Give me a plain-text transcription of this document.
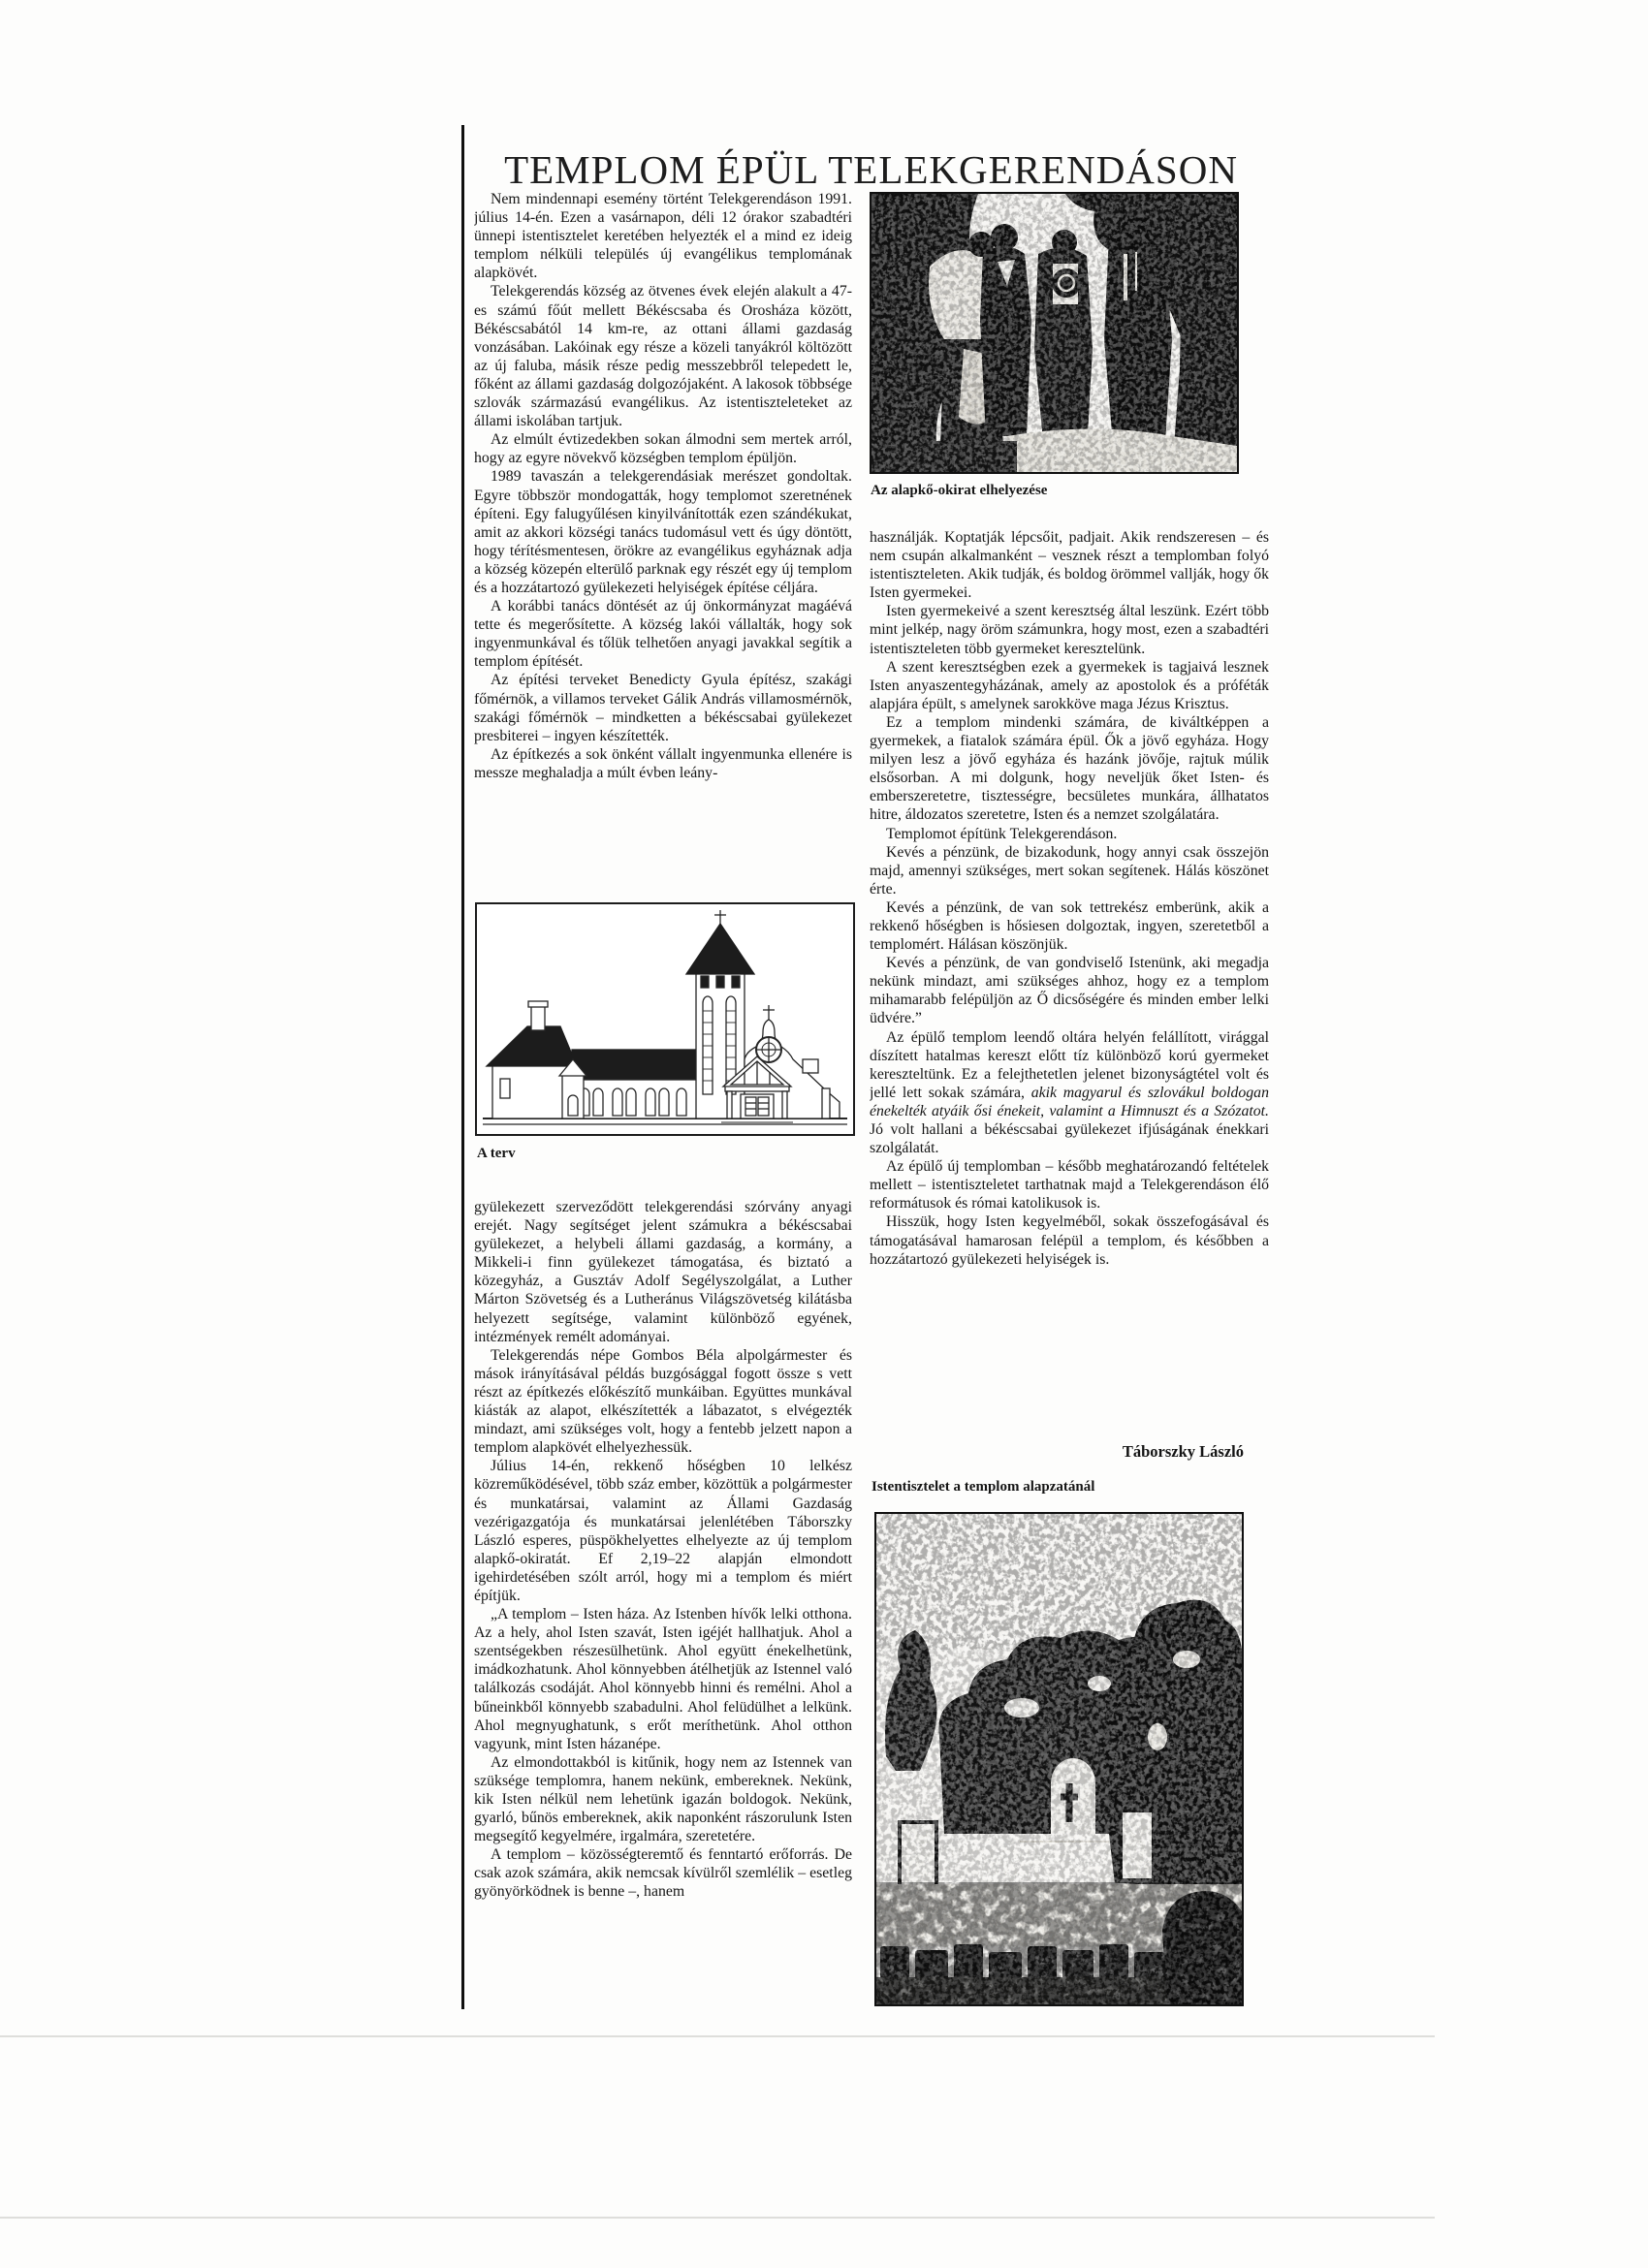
TEMPLOM ÉPÜL TELEKGERENDÁSON

Nem mindennapi esemény történt Telekgerendáson 1991. július 14-én. Ezen a vasárnapon, déli 12 órakor szabadtéri ünnepi istentisztelet keretében helyezték el a mind ez ideig templom nélküli település új evangélikus templomának alapkövét.

Telekgerendás község az ötvenes évek elején alakult a 47-es számú főút mellett Békéscsaba és Orosháza között, Békéscsabától 14 km-re, az ottani állami gazdaság vonzásában. Lakóinak egy része a közeli tanyákról költözött az új faluba, másik része pedig messzebbről telepedett le, főként az állami gazdaság dolgozójaként. A lakosok többsége szlovák származású evangélikus. Az istentiszteleteket az állami iskolában tartjuk.

Az elmúlt évtizedekben sokan álmodni sem mertek arról, hogy az egyre növekvő községben templom épüljön.

1989 tavaszán a telekgerendásiak merészet gondoltak. Egyre többször mondogatták, hogy templomot szeretnének építeni. Egy falugyűlésen kinyilvánították ezen szándékukat, amit az akkori községi tanács tudomásul vett és úgy döntött, hogy térítésmentesen, örökre az evangélikus egyháznak adja a község közepén elterülő parknak egy részét egy új templom és a hozzátartozó gyülekezeti helyiségek építése céljára.

A korábbi tanács döntését az új önkormányzat magáévá tette és megerősítette. A község lakói vállalták, hogy sok ingyenmunkával és tőlük telhetően anyagi javakkal segítik a templom építését.

Az építési terveket Benedicty Gyula építész, szakági főmérnök, a villamos terveket Gálik András villamosmérnök, szakági főmérnök – mindketten a békéscsabai gyülekezet presbiterei – ingyen készítették.

Az építkezés a sok önként vállalt ingyenmunka ellenére is messze meghaladja a múlt évben leány-

A terv

gyülekezett szerveződött telekgerendási szórvány anyagi erejét. Nagy segítséget jelent számukra a békéscsabai gyülekezet, a helybeli állami gazdaság, a kormány, a Mikkeli-i finn gyülekezet támogatása, és biztató a közegyház, a Gusztáv Adolf Segélyszolgálat, a Luther Márton Szövetség és a Lutheránus Világszövetség kilátásba helyezett segítsége, valamint különböző egyének, intézmények remélt adományai.

Telekgerendás népe Gombos Béla alpolgármester és mások irányításával példás buzgósággal fogott össze s vett részt az építkezés előkészítő munkáiban. Együttes munkával kiásták az alapot, elkészítették a lábazatot, s elvégezték mindazt, ami szükséges volt, hogy a fentebb jelzett napon a templom alapkövét elhelyezhessük.

Július 14-én, rekkenő hőségben 10 lelkész közreműködésével, több száz ember, közöttük a polgármester és munkatársai, valamint az Állami Gazdaság vezérigazgatója és munkatársai jelenlétében Táborszky László esperes, püspökhelyettes elhelyezte az új templom alapkő-okiratát. Ef 2,19–22 alapján elmondott igehirdetésében szólt arról, hogy mi a templom és miért építjük.

„A templom – Isten háza. Az Istenben hívők lelki otthona. Az a hely, ahol Isten szavát, Isten igéjét hallhatjuk. Ahol a szentségekben részesülhetünk. Ahol együtt énekelhetünk, imádkozhatunk. Ahol könnyebben átélhetjük az Istennel való találkozás csodáját. Ahol könnyebb hinni és remélni. Ahol a bűneinkből könnyebb szabadulni. Ahol felüdülhet a lelkünk. Ahol megnyughatunk, s erőt meríthetünk. Ahol otthon vagyunk, mint Isten házanépe.

Az elmondottakból is kitűnik, hogy nem az Istennek van szüksége templomra, hanem nekünk, embereknek. Nekünk, kik Isten nélkül nem lehetünk igazán boldogok. Nekünk, gyarló, bűnös embereknek, akik naponként rászorulunk Isten megsegítő kegyelmére, irgalmára, szeretetére.

A templom – közösségteremtő és fenntartó erőforrás. De csak azok számára, akik nemcsak kívülről szemlélik – esetleg gyönyörködnek is benne –, hanem

Az alapkő-okirat elhelyezése

használják. Koptatják lépcsőit, padjait. Akik rendszeresen – és nem csupán alkalmanként – vesznek részt a templomban folyó istentiszteleten. Akik tudják, és boldog örömmel vallják, hogy ők Isten gyermekei.

Isten gyermekeivé a szent keresztség által leszünk. Ezért több mint jelkép, nagy öröm számunkra, hogy most, ezen a szabadtéri istentiszteleten több gyermeket keresztelünk.

A szent keresztségben ezek a gyermekek is tagjaivá lesznek Isten anyaszentegyházának, amely az apostolok és a próféták alapjára épült, s amelynek sarokköve maga Jézus Krisztus.

Ez a templom mindenki számára, de kiváltképpen a gyermekek, a fiatalok számára épül. Ők a jövő egyháza. Hogy milyen lesz a jövő egyháza és hazánk jövője, rajtuk múlik elsősorban. A mi dolgunk, hogy neveljük őket Isten- és emberszeretetre, tisztességre, becsületes munkára, állhatatos hitre, áldozatos szeretetre, Isten és a nemzet szolgálatára.

Templomot építünk Telekgerendáson.

Kevés a pénzünk, de bizakodunk, hogy annyi csak összejön majd, amennyi szükséges, mert sokan segítenek. Hálás köszönet érte.

Kevés a pénzünk, de van sok tettrekész emberünk, akik a rekkenő hőségben is hősiesen dolgoztak, ingyen, szeretetből a templomért. Hálásan köszönjük.

Kevés a pénzünk, de van gondviselő Istenünk, aki megadja nekünk mindazt, ami szükséges ahhoz, hogy ez a templom mihamarabb felépüljön az Ő dicsőségére és minden ember lelki üdvére.”

Az épülő templom leendő oltára helyén felállított, virággal díszített hatalmas kereszt előtt tíz különböző korú gyermeket kereszteltünk. Ez a felejthetetlen jelenet bizonyságtétel volt és jellé lett sokak számára, akik magyarul és szlovákul boldogan énekelték atyáik ősi énekeit, valamint a Himnuszt és a Szózatot. Jó volt hallani a békéscsabai gyülekezet ifjúságának énekkari szolgálatát.

Az épülő új templomban – később meghatározandó feltételek mellett – istentiszteletet tarthatnak majd a Telekgerendáson élő reformátusok és római katolikusok is.

Hisszük, hogy Isten kegyelméből, sokak összefogásával és támogatásával hamarosan felépül a templom, és későbben a hozzátartozó gyülekezeti helyiségek is.

Táborszky László
Istentisztelet a templom alapzatánál
